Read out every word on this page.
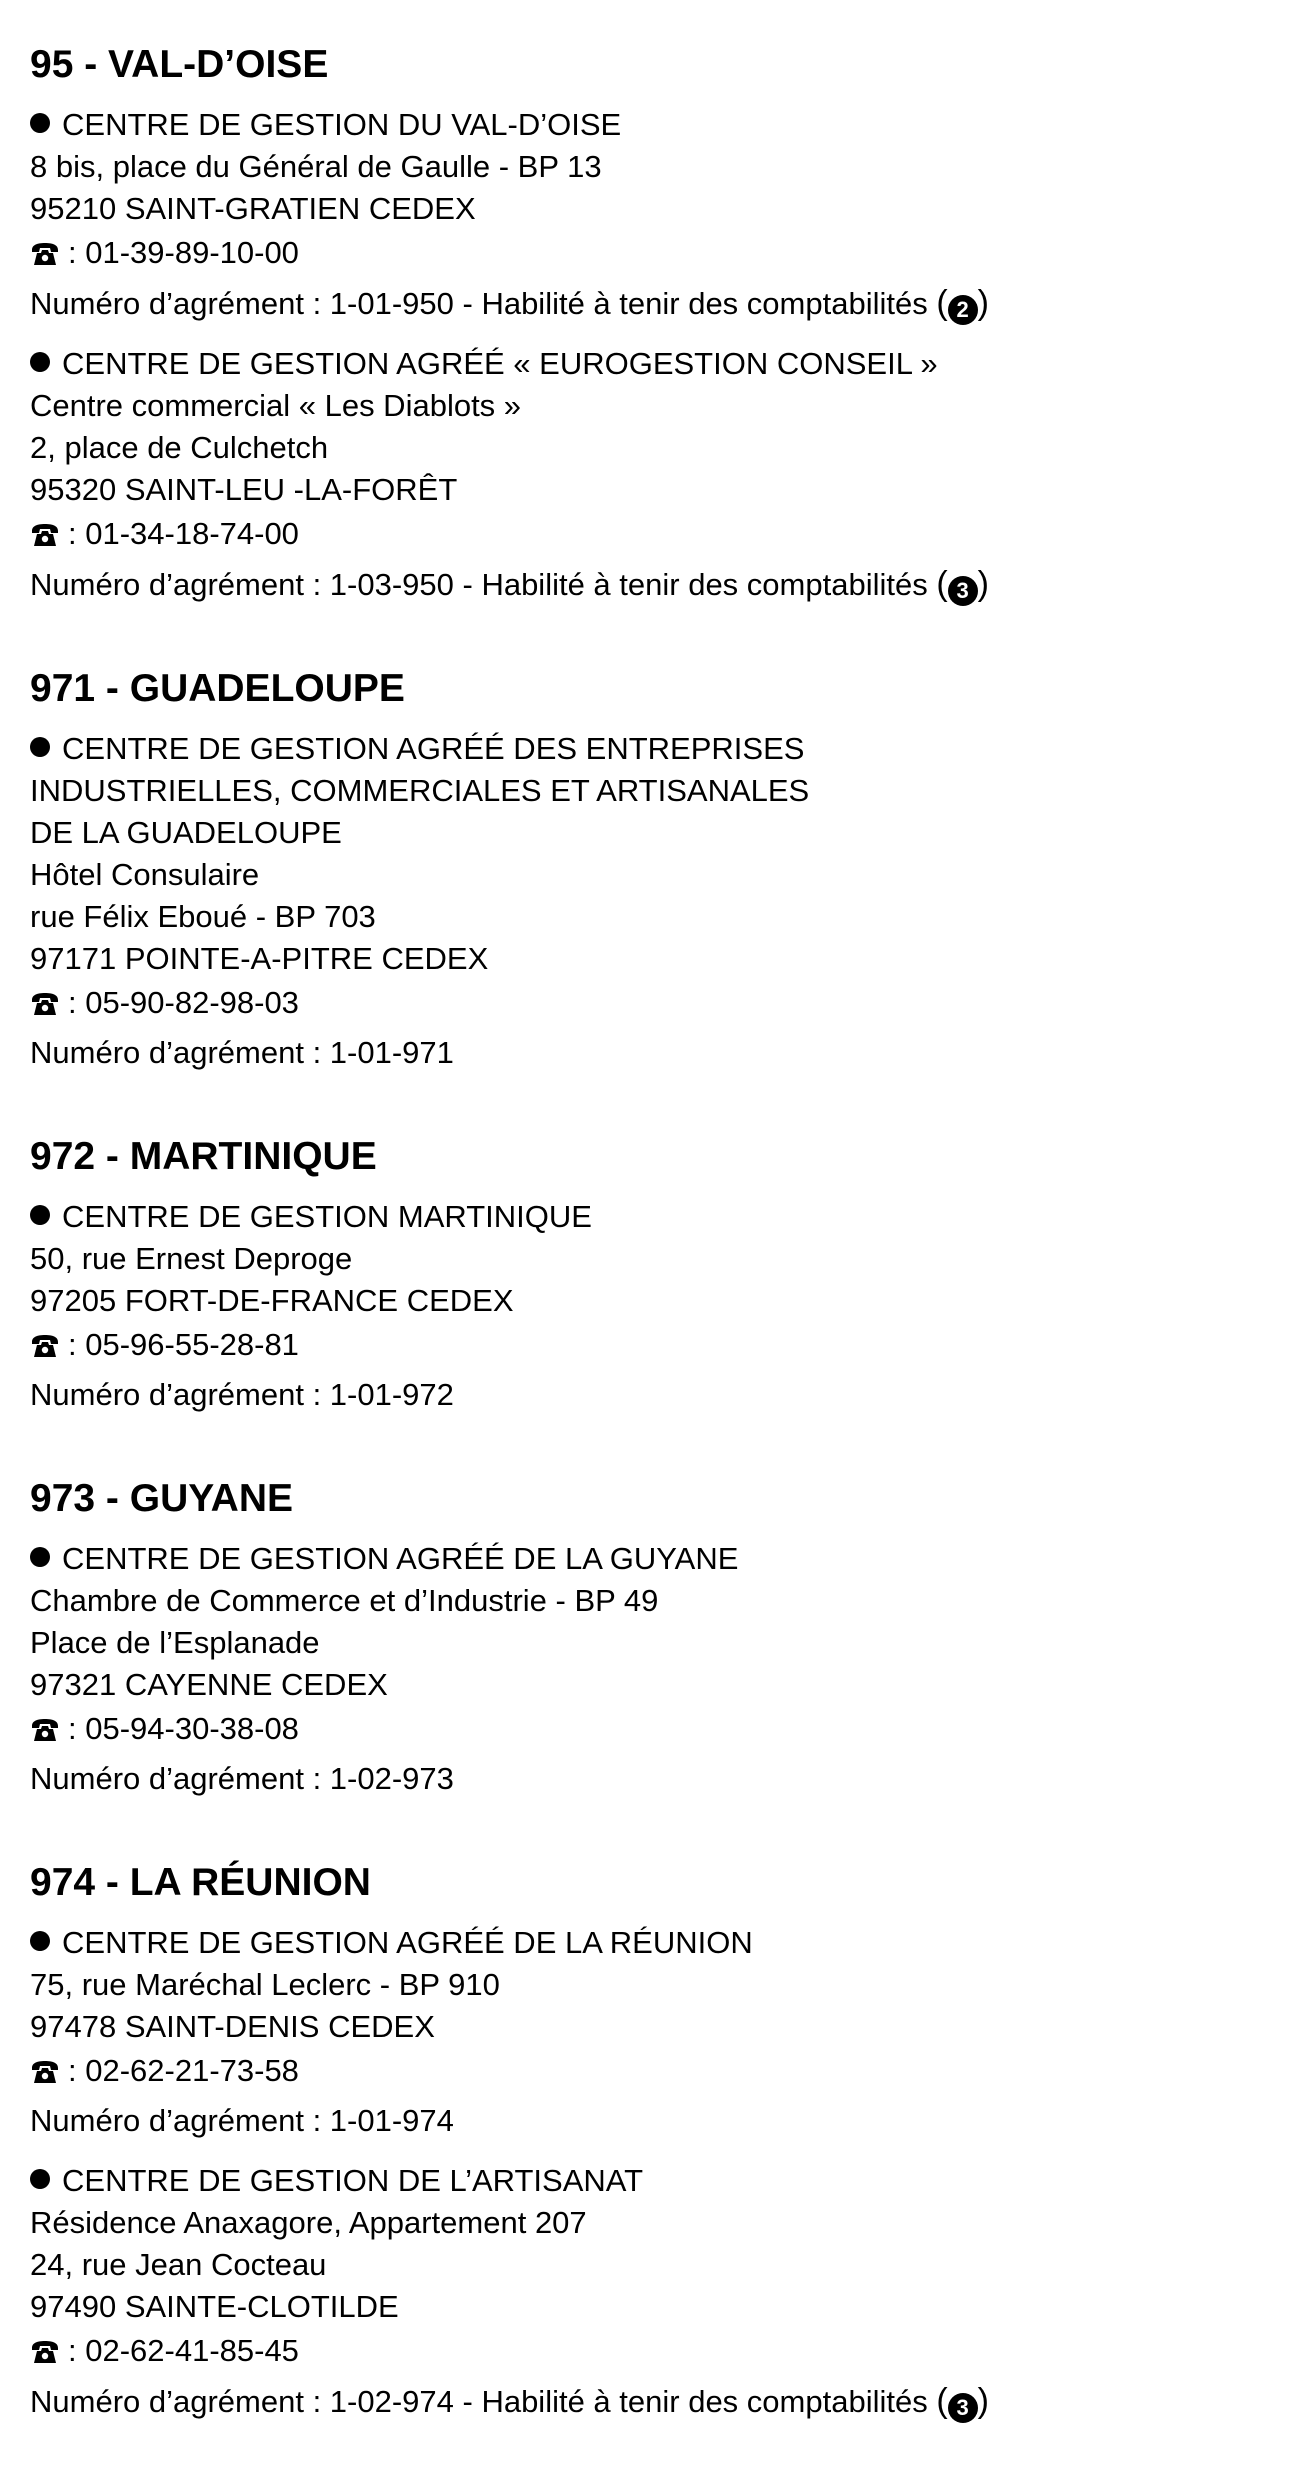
95 - VAL-D’OISE
CENTRE DE GESTION DU VAL-D’OISE
8 bis, place du Général de Gaulle - BP 13
95210 SAINT-GRATIEN CEDEX
: 01-39-89-10-00
Numéro d’agrément : 1-01-950 - Habilité à tenir des comptabilités ( 2 )
CENTRE DE GESTION AGRÉÉ « EUROGESTION CONSEIL »
Centre commercial « Les Diablots »
2, place de Culchetch
95320 SAINT-LEU -LA-FORÊT
: 01-34-18-74-00
Numéro d’agrément : 1-03-950 - Habilité à tenir des comptabilités ( 3 )
971 - GUADELOUPE
CENTRE DE GESTION AGRÉÉ DES ENTREPRISES
INDUSTRIELLES, COMMERCIALES ET ARTISANALES
DE LA GUADELOUPE
Hôtel Consulaire
rue Félix Eboué - BP 703
97171 POINTE-A-PITRE CEDEX
: 05-90-82-98-03
Numéro d’agrément : 1-01-971
972 - MARTINIQUE
CENTRE DE GESTION MARTINIQUE
50, rue Ernest Deproge
97205 FORT-DE-FRANCE CEDEX
: 05-96-55-28-81
Numéro d’agrément : 1-01-972
973 - GUYANE
CENTRE DE GESTION AGRÉÉ DE LA GUYANE
Chambre de Commerce et d’Industrie - BP 49
Place de l’Esplanade
97321 CAYENNE CEDEX
: 05-94-30-38-08
Numéro d’agrément : 1-02-973
974 - LA RÉUNION
CENTRE DE GESTION AGRÉÉ DE LA RÉUNION
75, rue Maréchal Leclerc - BP 910
97478 SAINT-DENIS CEDEX
: 02-62-21-73-58
Numéro d’agrément : 1-01-974
CENTRE DE GESTION DE L’ARTISANAT
Résidence Anaxagore, Appartement 207
24, rue Jean Cocteau
97490 SAINTE-CLOTILDE
: 02-62-41-85-45
Numéro d’agrément : 1-02-974 - Habilité à tenir des comptabilités ( 3 )
